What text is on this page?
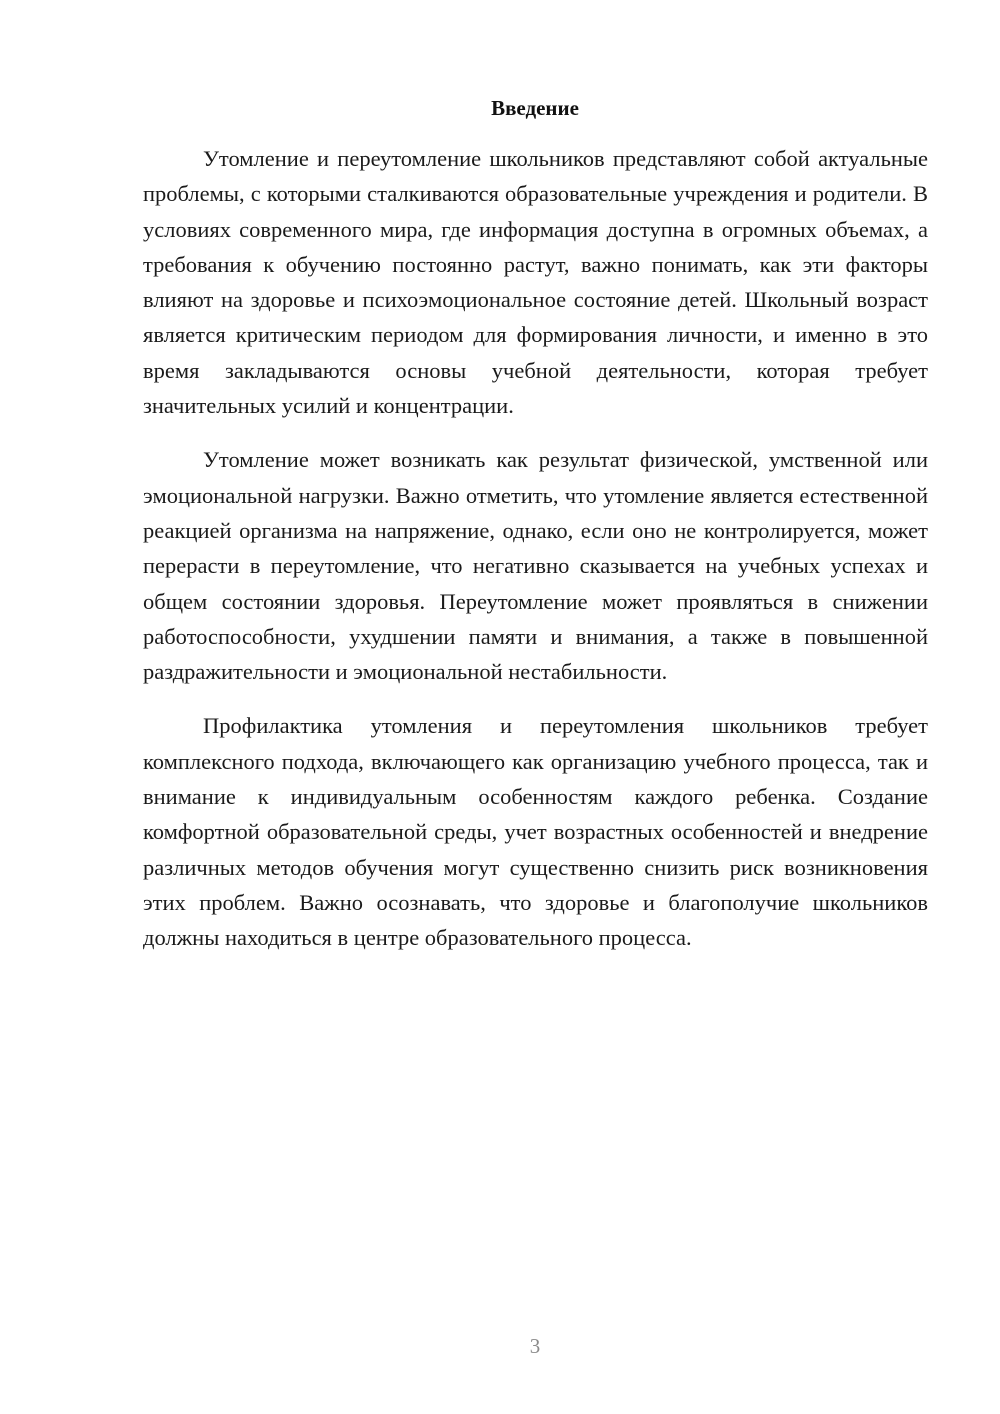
Введение

Утомление и переутомление школьников представляют собой актуальные проблемы, с которыми сталкиваются образовательные учреждения и родители. В условиях современного мира, где информация доступна в огромных объемах, а требования к обучению постоянно растут, важно понимать, как эти факторы влияют на здоровье и психоэмоциональное состояние детей. Школьный возраст является критическим периодом для формирования личности, и именно в это время закладываются основы учебной деятельности, которая требует значительных усилий и концентрации.

Утомление может возникать как результат физической, умственной или эмоциональной нагрузки. Важно отметить, что утомление является естественной реакцией организма на напряжение, однако, если оно не контролируется, может перерасти в переутомление, что негативно сказывается на учебных успехах и общем состоянии здоровья. Переутомление может проявляться в снижении работоспособности, ухудшении памяти и внимания, а также в повышенной раздражительности и эмоциональной нестабильности.

Профилактика утомления и переутомления школьников требует комплексного подхода, включающего как организацию учебного процесса, так и внимание к индивидуальным особенностям каждого ребенка. Создание комфортной образовательной среды, учет возрастных особенностей и внедрение различных методов обучения могут существенно снизить риск возникновения этих проблем. Важно осознавать, что здоровье и благополучие школьников должны находиться в центре образовательного процесса.

3
